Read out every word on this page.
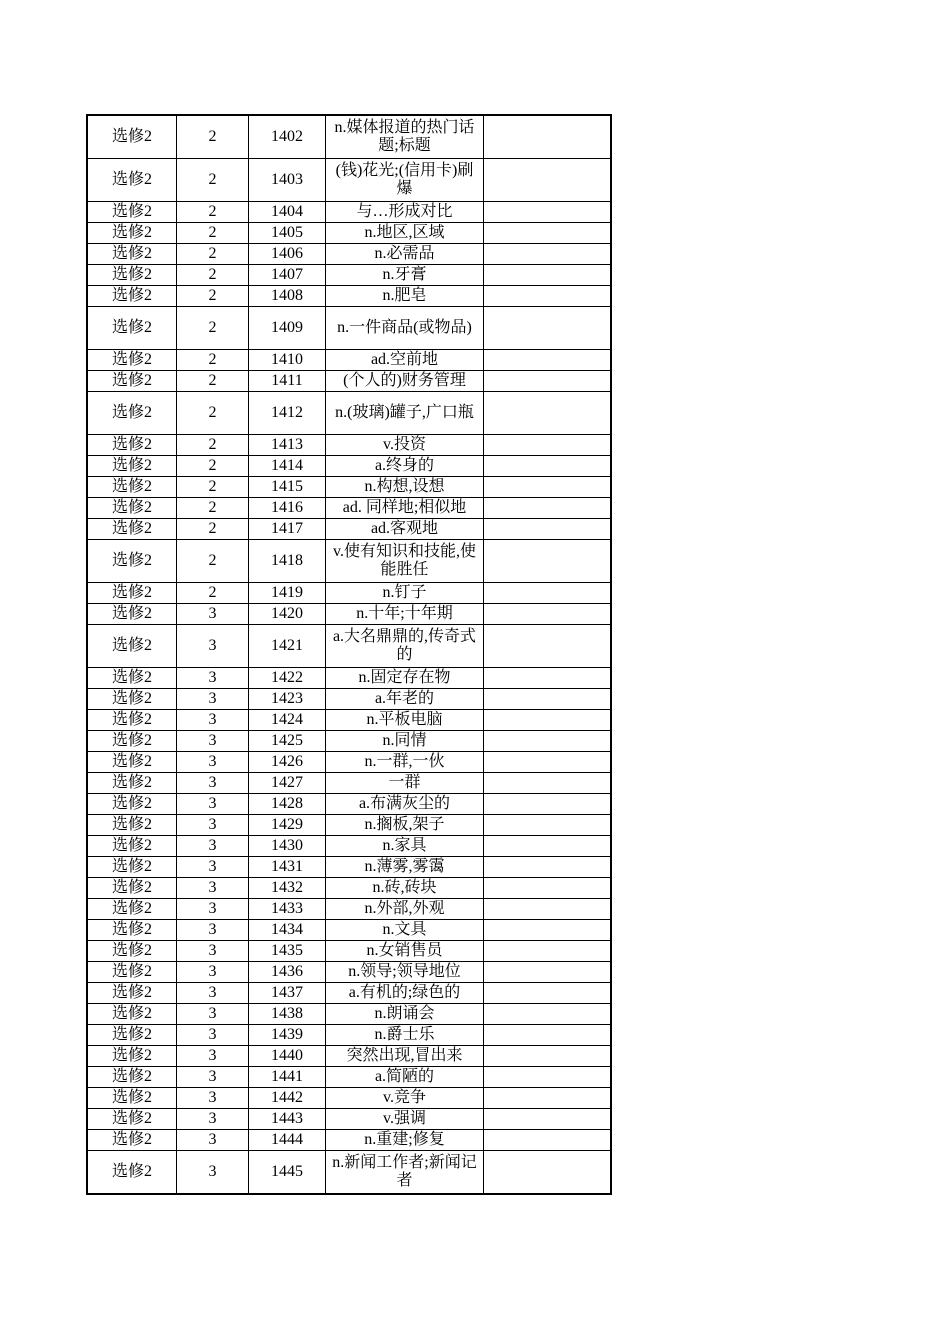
选修2	2	1402	n.媒体报道的热门话题;标题	
选修2	2	1403	(钱)花光;(信用卡)刷爆	
选修2	2	1404	与…形成对比	
选修2	2	1405	n.地区,区域	
选修2	2	1406	n.必需品	
选修2	2	1407	n.牙膏	
选修2	2	1408	n.肥皂	
选修2	2	1409	n.一件商品(或物品)	
选修2	2	1410	ad.空前地	
选修2	2	1411	(个人的)财务管理	
选修2	2	1412	n.(玻璃)罐子,广口瓶	
选修2	2	1413	v.投资	
选修2	2	1414	a.终身的	
选修2	2	1415	n.构想,设想	
选修2	2	1416	ad. 同样地;相似地	
选修2	2	1417	ad.客观地	
选修2	2	1418	v.使有知识和技能,使能胜任	
选修2	2	1419	n.钉子	
选修2	3	1420	n.十年;十年期	
选修2	3	1421	a.大名鼎鼎的,传奇式的	
选修2	3	1422	n.固定存在物	
选修2	3	1423	a.年老的	
选修2	3	1424	n.平板电脑	
选修2	3	1425	n.同情	
选修2	3	1426	n.一群,一伙	
选修2	3	1427	一群	
选修2	3	1428	a.布满灰尘的	
选修2	3	1429	n.搁板,架子	
选修2	3	1430	n.家具	
选修2	3	1431	n.薄雾,雾霭	
选修2	3	1432	n.砖,砖块	
选修2	3	1433	n.外部,外观	
选修2	3	1434	n.文具	
选修2	3	1435	n.女销售员	
选修2	3	1436	n.领导;领导地位	
选修2	3	1437	a.有机的;绿色的	
选修2	3	1438	n.朗诵会	
选修2	3	1439	n.爵士乐	
选修2	3	1440	突然出现,冒出来	
选修2	3	1441	a.简陋的	
选修2	3	1442	v.竞争	
选修2	3	1443	v.强调	
选修2	3	1444	n.重建;修复	
选修2	3	1445	n.新闻工作者;新闻记者	
